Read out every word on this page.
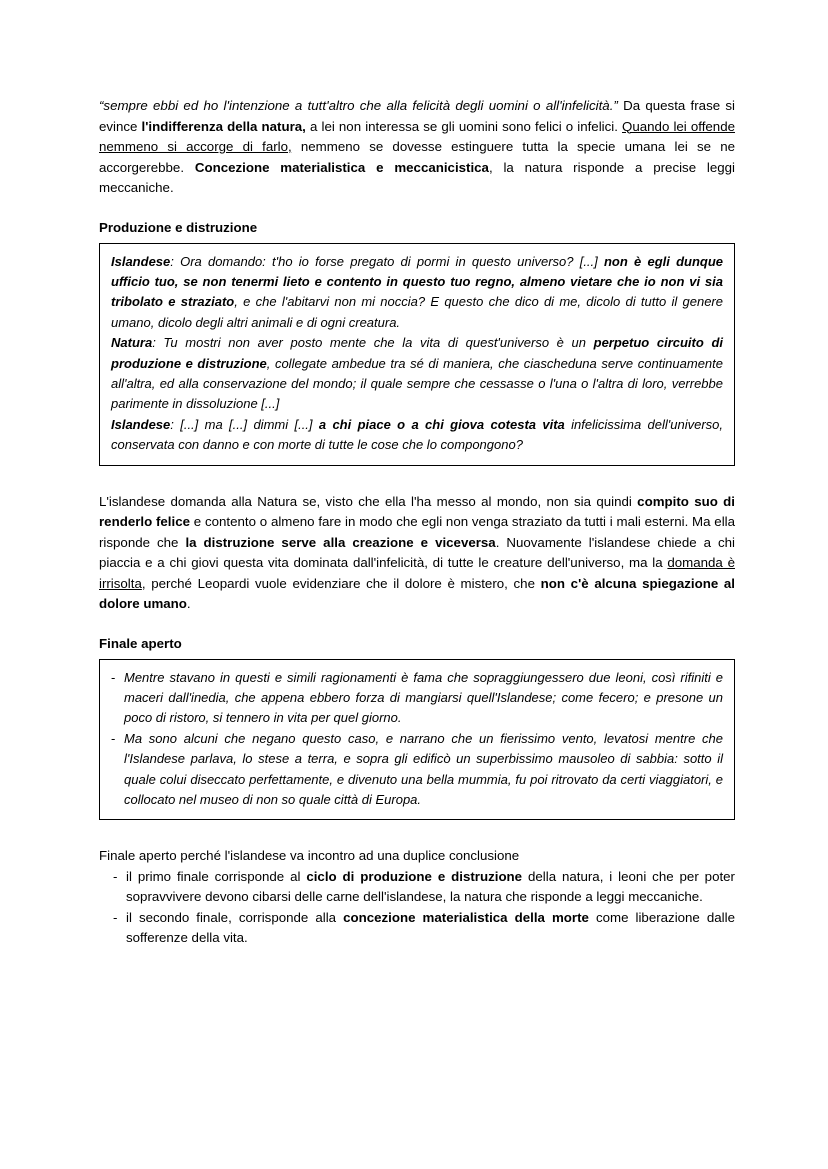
“sempre ebbi ed ho l'intenzione a tutt'altro che alla felicità degli uomini o all'infelicità.” Da questa frase si evince l'indifferenza della natura, a lei non interessa se gli uomini sono felici o infelici. Quando lei offende nemmeno si accorge di farlo, nemmeno se dovesse estinguere tutta la specie umana lei se ne accorgerebbe. Concezione materialistica e meccanicistica, la natura risponde a precise leggi meccaniche.
Produzione e distruzione
Islandese: Ora domando: t'ho io forse pregato di pormi in questo universo? [...] non è egli dunque ufficio tuo, se non tenermi lieto e contento in questo tuo regno, almeno vietare che io non vi sia tribolato e straziato, e che l'abitarvi non mi noccia? E questo che dico di me, dicolo di tutto il genere umano, dicolo degli altri animali e di ogni creatura.
Natura: Tu mostri non aver posto mente che la vita di quest'universo è un perpetuo circuito di produzione e distruzione, collegate ambedue tra sé di maniera, che ciascheduna serve continuamente all'altra, ed alla conservazione del mondo; il quale sempre che cessasse o l'una o l'altra di loro, verrebbe parimente in dissoluzione [...]
Islandese: [...] ma [...] dimmi [...] a chi piace o a chi giova cotesta vita infelicissima dell'universo, conservata con danno e con morte di tutte le cose che lo compongono?
L'islandese domanda alla Natura se, visto che ella l'ha messo al mondo, non sia quindi compito suo di renderlo felice e contento o almeno fare in modo che egli non venga straziato da tutti i mali esterni. Ma ella risponde che la distruzione serve alla creazione e viceversa. Nuovamente l'islandese chiede a chi piaccia e a chi giovi questa vita dominata dall'infelicità, di tutte le creature dell'universo, ma la domanda è irrisolta, perché Leopardi vuole evidenziare che il dolore è mistero, che non c'è alcuna spiegazione al dolore umano.
Finale aperto
- Mentre stavano in questi e simili ragionamenti è fama che sopraggiungessero due leoni, così rifiniti e maceri dall'inedia, che appena ebbero forza di mangiarsi quell'Islandese; come fecero; e presone un poco di ristoro, si tennero in vita per quel giorno.
- Ma sono alcuni che negano questo caso, e narrano che un fierissimo vento, levatosi mentre che l'Islandese parlava, lo stese a terra, e sopra gli edificò un superbissimo mausoleo di sabbia: sotto il quale colui diseccato perfettamente, e divenuto una bella mummia, fu poi ritrovato da certi viaggiatori, e collocato nel museo di non so quale città di Europa.
Finale aperto perché l'islandese va incontro ad una duplice conclusione
- il primo finale corrisponde al ciclo di produzione e distruzione della natura, i leoni che per poter sopravvivere devono cibarsi delle carne dell'islandese, la natura che risponde a leggi meccaniche.
- il secondo finale, corrisponde alla concezione materialistica della morte come liberazione dalle sofferenze della vita.
